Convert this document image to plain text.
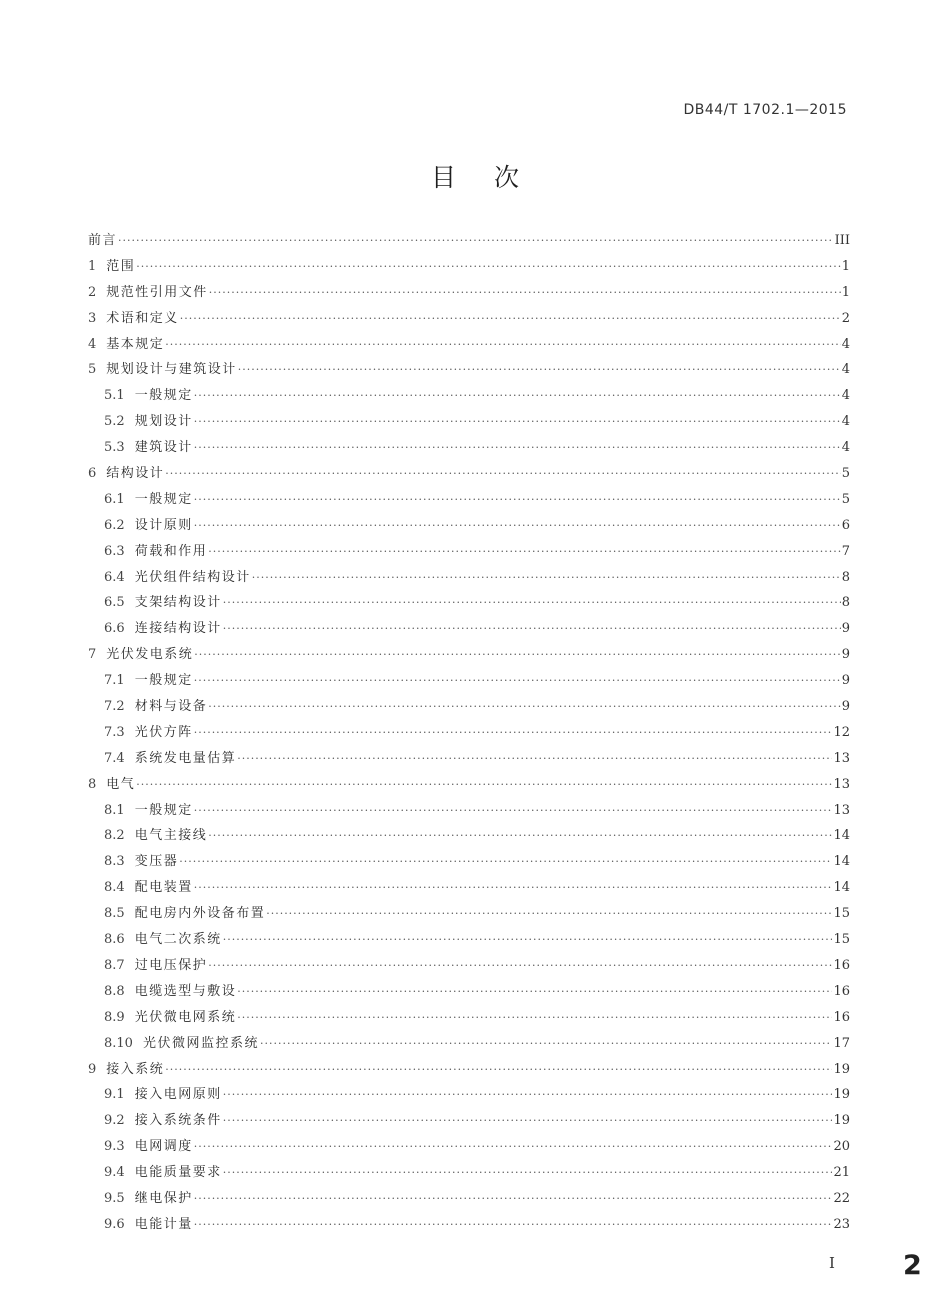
DB44/T 1702.1—2015
目次
前言 ·····	III
1 范围 ·····	1
2 规范性引用文件 ·····	1
3 术语和定义 ·····	2
4 基本规定 ·····	4
5 规划设计与建筑设计 ·····	4
5.1 一般规定 ·····	4
5.2 规划设计 ·····	4
5.3 建筑设计 ·····	4
6 结构设计 ·····	5
6.1 一般规定 ·····	5
6.2 设计原则 ·····	6
6.3 荷载和作用 ·····	7
6.4 光伏组件结构设计 ·····	8
6.5 支架结构设计 ·····	8
6.6 连接结构设计 ·····	9
7 光伏发电系统 ·····	9
7.1 一般规定 ·····	9
7.2 材料与设备 ·····	9
7.3 光伏方阵 ·····	12
7.4 系统发电量估算 ·····	13
8 电气 ·····	13
8.1 一般规定 ·····	13
8.2 电气主接线 ·····	14
8.3 变压器 ·····	14
8.4 配电装置 ·····	14
8.5 配电房内外设备布置 ·····	15
8.6 电气二次系统 ·····	15
8.7 过电压保护 ·····	16
8.8 电缆选型与敷设 ·····	16
8.9 光伏微电网系统 ·····	16
8.10 光伏微网监控系统 ·····	17
9 接入系统 ·····	19
9.1 接入电网原则 ·····	19
9.2 接入系统条件 ·····	19
9.3 电网调度 ·····	20
9.4 电能质量要求 ·····	21
9.5 继电保护 ·····	22
9.6 电能计量 ·····	23
I	2
